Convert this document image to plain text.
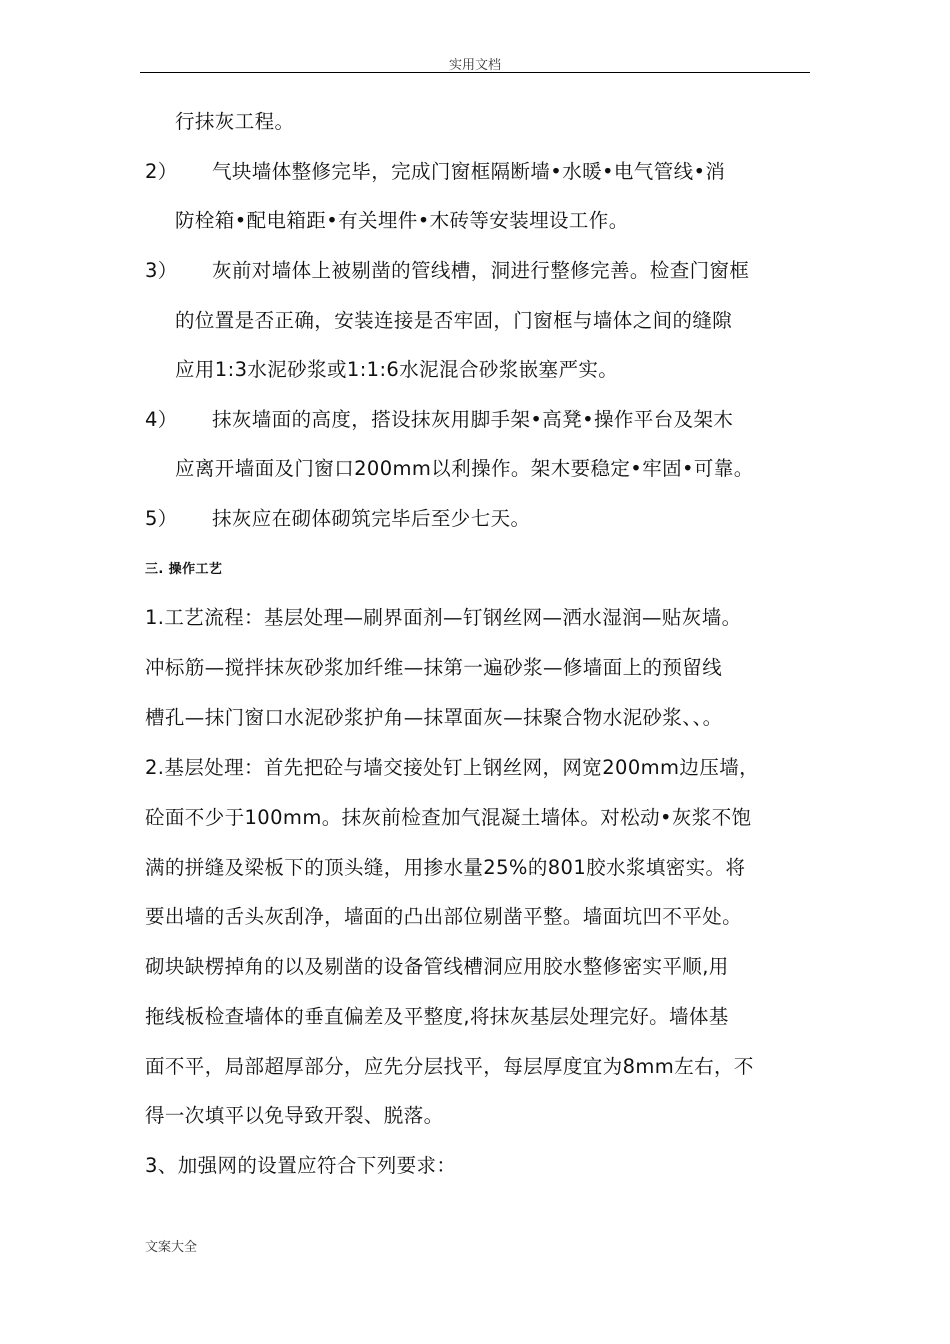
实用文档
行抹灰工程。
2） 气块墙体整修完毕，完成门窗框隔断墙•水暖•电气管线•消
防栓箱•配电箱距•有关埋件•木砖等安装埋设工作。
3） 灰前对墙体上被剔凿的管线槽，洞进行整修完善。检查门窗框
的位置是否正确，安装连接是否牢固，门窗框与墙体之间的缝隙
应用1:3水泥砂浆或1:1:6水泥混合砂浆嵌塞严实。
4） 抹灰墙面的高度，搭设抹灰用脚手架•高凳•操作平台及架木
应离开墙面及门窗口200mm以利操作。架木要稳定•牢固•可靠。
5） 抹灰应在砌体砌筑完毕后至少七天。
三. 操作工艺
1.工艺流程：基层处理—刷界面剂—钉钢丝网—洒水湿润—贴灰墙。
冲标筋—搅拌抹灰砂浆加纤维—抹第一遍砂浆—修墙面上的预留线
槽孔—抹门窗口水泥砂浆护角—抹罩面灰—抹聚合物水泥砂浆、、。
2.基层处理：首先把砼与墙交接处钉上钢丝网，网宽200mm边压墙，
砼面不少于100mm。抹灰前检查加气混凝土墙体。对松动•灰浆不饱
满的拼缝及梁板下的顶头缝，用掺水量25%的801胶水浆填密实。将
要出墙的舌头灰刮净，墙面的凸出部位剔凿平整。墙面坑凹不平处。
砌块缺楞掉角的以及剔凿的设备管线槽洞应用胶水整修密实平顺,用
拖线板检查墙体的垂直偏差及平整度,将抹灰基层处理完好。墙体基
面不平，局部超厚部分，应先分层找平，每层厚度宜为8mm左右，不
得一次填平以免导致开裂、脱落。
3、加强网的设置应符合下列要求：
文案大全
